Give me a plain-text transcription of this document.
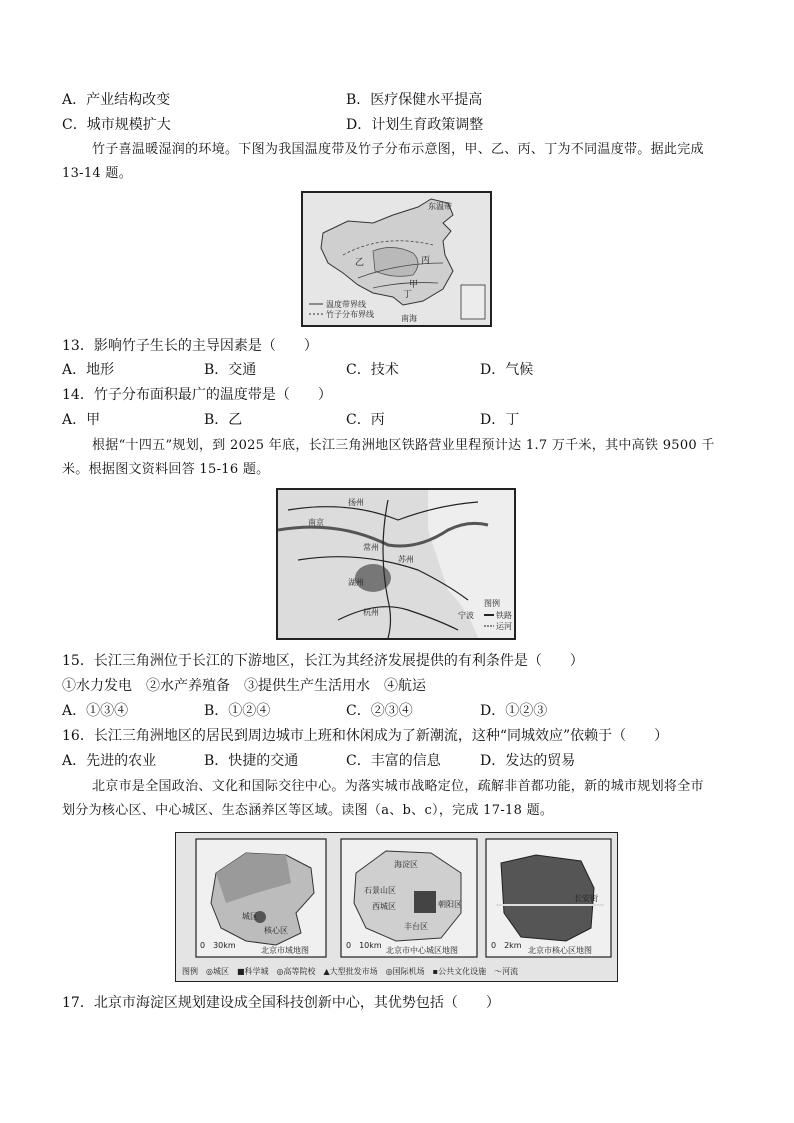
A．产业结构改变	B．医疗保健水平提高
C．城市规模扩大	D．计划生育政策调整
竹子喜温暖湿润的环境。下图为我国温度带及竹子分布示意图，甲、乙、丙、丁为不同温度带。据此完成
13-14 题。
东温带
乙	丙
甲
丁
南海
温度带界线
竹子分布界线
13．影响竹子生长的主导因素是（　　）
A．地形	B．交通	C．技术	D．气候
14．竹子分布面积最广的温度带是（　　）
A．甲	B．乙	C．丙	D．丁
根据“十四五”规划，到 2025 年底，长江三角洲地区铁路营业里程预计达 1.7 万千米，其中高铁 9500 千
米。根据图文资料回答 15-16 题。
扬州
南京
常州
苏州
湖州
杭州	宁波
图例
铁路
运河
15．长江三角洲位于长江的下游地区，长江为其经济发展提供的有利条件是（　　）
①水力发电　②水产养殖备　③提供生产生活用水　④航运
A．①③④	B．①②④	C．②③④	D．①②③
16．长江三角洲地区的居民到周边城市上班和休闲成为了新潮流，这种“同城效应”依赖于（　　）
A．先进的农业	B．快捷的交通	C．丰富的信息	D．发达的贸易
北京市是全国政治、文化和国际交往中心。为落实城市战略定位，疏解非首都功能，新的城市规划将全市
划分为核心区、中心城区、生态涵养区等区域。读图（a、b、c），完成 17-18 题。
城区
核心区
0　30km
北京市域地图
海淀区
石景山区
西城区	朝阳区
丰台区
0　10km
北京市中心城区地图
长安街
0　2km
北京市核心区地图
图例　◎城区　■科学城　◎高等院校　▲大型批发市场　◎国际机场　▪公共文化设施　〜河流
17．北京市海淀区规划建设成全国科技创新中心，其优势包括（　　）
